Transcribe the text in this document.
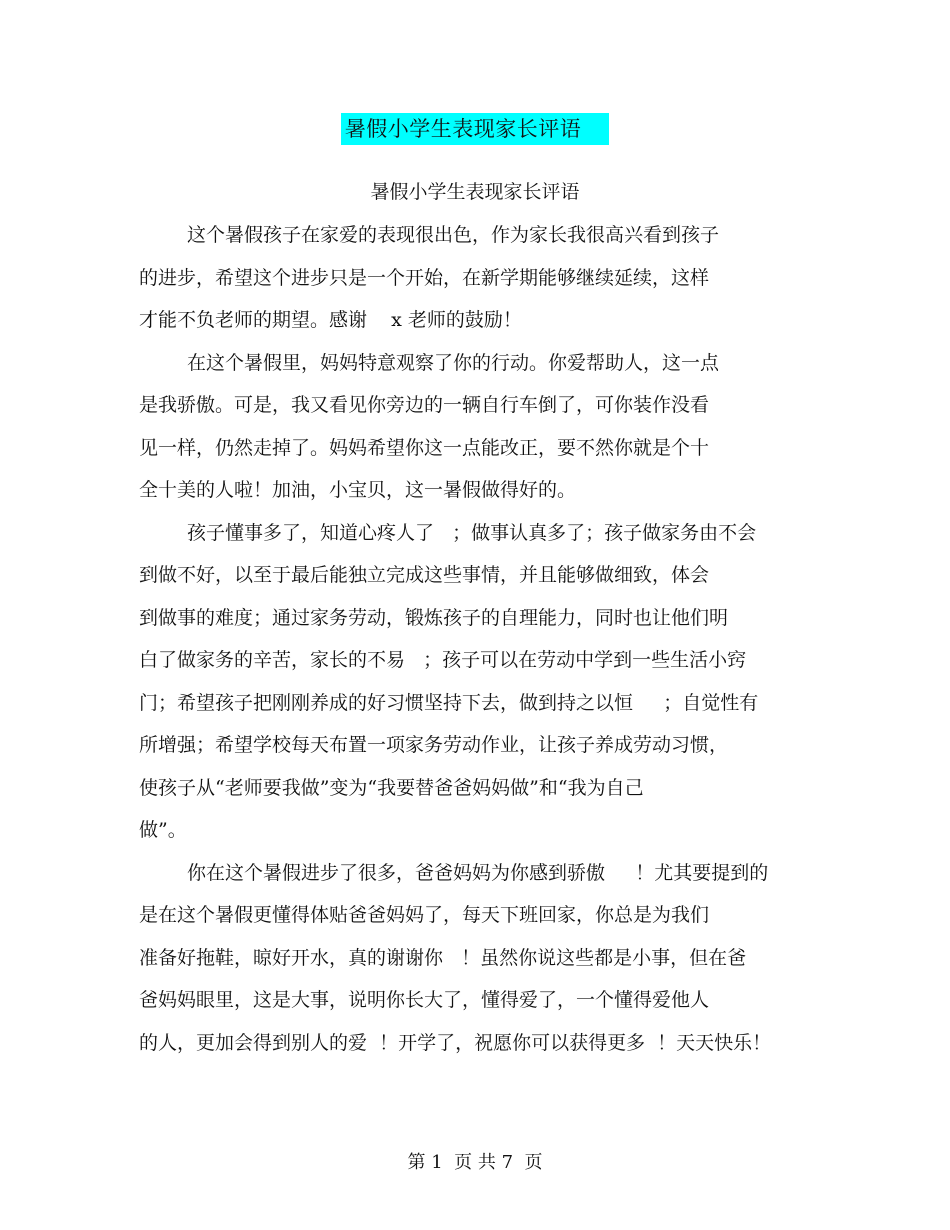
暑假小学生表现家长评语
暑假小学生表现家长评语
这个暑假孩子在家爱的表现很出色，作为家长我很高兴看到孩子
的进步，希望这个进步只是一个开始，在新学期能够继续延续，这样
才能不负老师的期望。感谢    x 老师的鼓励！
在这个暑假里，妈妈特意观察了你的行动。你爱帮助人，这一点
是我骄傲。可是，我又看见你旁边的一辆自行车倒了，可你装作没看
见一样，仍然走掉了。妈妈希望你这一点能改正，要不然你就是个十
全十美的人啦！加油，小宝贝，这一暑假做得好的。
孩子懂事多了，知道心疼人了   ；做事认真多了；孩子做家务由不会
到做不好，以至于最后能独立完成这些事情，并且能够做细致，体会
到做事的难度；通过家务劳动，锻炼孩子的自理能力，同时也让他们明
白了做家务的辛苦，家长的不易   ；孩子可以在劳动中学到一些生活小窍
门；希望孩子把刚刚养成的好习惯坚持下去，做到持之以恒     ；自觉性有
所增强；希望学校每天布置一项家务劳动作业，让孩子养成劳动习惯，
使孩子从“老师要我做”变为“我要替爸爸妈妈做”和“我为自己
做”。
你在这个暑假进步了很多，爸爸妈妈为你感到骄傲     ！尤其要提到的
是在这个暑假更懂得体贴爸爸妈妈了，每天下班回家，你总是为我们
准备好拖鞋，晾好开水，真的谢谢你   ！虽然你说这些都是小事，但在爸
爸妈妈眼里，这是大事，说明你长大了，懂得爱了，一个懂得爱他人
的人，更加会得到别人的爱  ！开学了，祝愿你可以获得更多  ！天天快乐！
第 1  页 共 7  页
